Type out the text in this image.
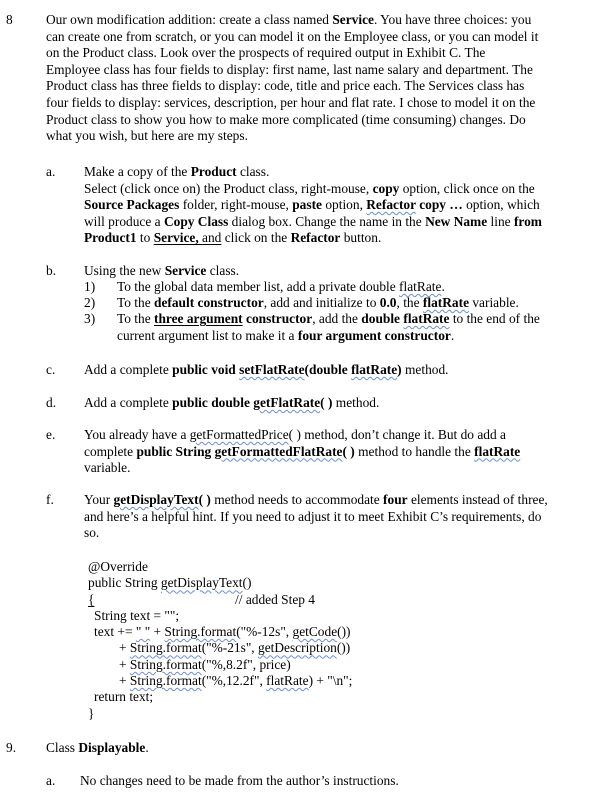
8 Our own modification addition: create a class named Service. You have three choices: you
can create one from scratch, or you can model it on the Employee class, or you can model it
on the Product class. Look over the prospects of required output in Exhibit C. The
Employee class has four fields to display: first name, last name salary and department. The
Product class has three fields to display: code, title and price each. The Services class has
four fields to display: services, description, per hour and flat rate. I chose to model it on the
Product class to show you how to make more complicated (time consuming) changes. Do
what you wish, but here are my steps.
a. Make a copy of the Product class.
Select (click once on) the Product class, right-mouse, copy option, click once on the
Source Packages folder, right-mouse, paste option, Refactor copy … option, which
will produce a Copy Class dialog box. Change the name in the New Name line from
Product1 to Service, and click on the Refactor button.
b. Using the new Service class.
1) To the global data member list, add a private double flatRate.
2) To the default constructor, add and initialize to 0.0, the flatRate variable.
3) To the three argument constructor, add the double flatRate to the end of the
current argument list to make it a four argument constructor.
c. Add a complete public void setFlatRate(double flatRate) method.
d. Add a complete public double getFlatRate( ) method.
e. You already have a getFormattedPrice( ) method, don’t change it. But do add a
complete public String getFormattedFlatRate( ) method to handle the flatRate
variable.
f. Your getDisplayText( ) method needs to accommodate four elements instead of three,
and here’s a helpful hint. If you need to adjust it to meet Exhibit C’s requirements, do
so.
@Override
public String getDisplayText()
{	// added Step 4
String text = "";
text += " " + String.format("%-12s", getCode())
+ String.format("%-21s", getDescription())
+ String.format("%,8.2f", price)
+ String.format("%,12.2f", flatRate) + "\n";
return text;
}
9. Class Displayable.
a. No changes need to be made from the author’s instructions.
